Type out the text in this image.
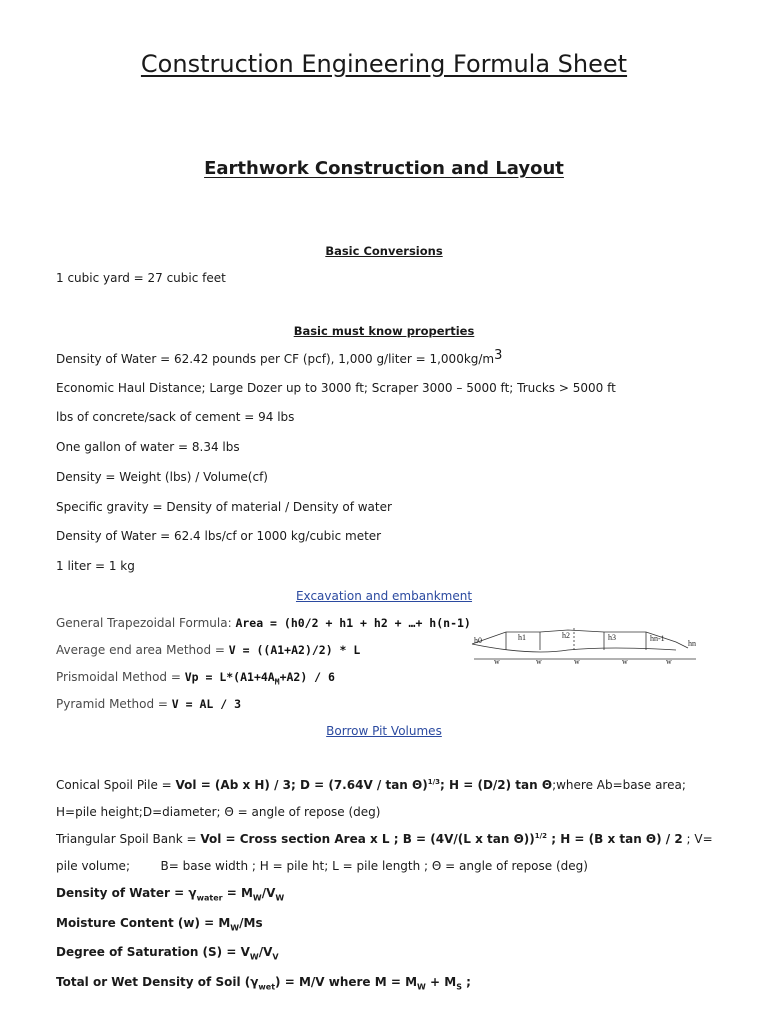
Construction Engineering Formula Sheet
Earthwork Construction and Layout
Basic Conversions
1 cubic yard = 27 cubic feet
Basic must know properties
Density of Water = 62.42 pounds per CF (pcf), 1,000 g/liter = 1,000kg/m3
Economic Haul Distance; Large Dozer up to 3000 ft; Scraper 3000 – 5000 ft; Trucks > 5000 ft
lbs of concrete/sack of cement = 94 lbs
One gallon of water = 8.34 lbs
Density = Weight (lbs) / Volume(cf)
Specific gravity = Density of material / Density of water
Density of Water = 62.4 lbs/cf or 1000 kg/cubic meter
1 liter = 1 kg
Excavation and embankment
General Trapezoidal Formula: Area = (h0/2 + h1 + h2 + …+ h(n-1)
Average end area Method = V = ((A1+A2)/2) * L
Prismoidal Method = $Vp = L*(A1+4A_M+A2) / 6$
Pyramid Method = V = AL / 3
h0	h1	h2	h3	hn-1
hn
w	w	w	w	w
Borrow Pit Volumes
Conical Spoil Pile = Vol = (Ab x H) / 3; D = (7.64V / tan Θ)$^{1/3}$; H = (D/2) tan Θ;where Ab=base area;
H=pile height;D=diameter; Θ = angle of repose (deg)
Triangular Spoil Bank = Vol = Cross section Area x L ; B = (4V/(L x tan Θ))$^{1/2}$ ; H = (B x tan Θ) / 2 ; V=
pile volume;        B= base width ; H = pile ht; L = pile length ; Θ = angle of repose (deg)
Density of Water = $\gamma_{water} = M_W/V_W$
Moisture Content $(w) = M_W/Ms$
Degree of Saturation $(S) = V_W/V_V$
Total or Wet Density of Soil $(\gamma_{wet}) = M/V$ where $M = M_W + M_S$ ;
